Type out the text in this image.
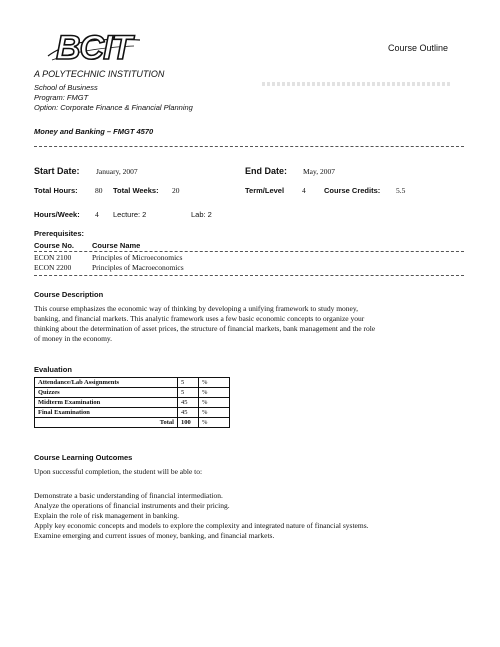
BCIT
A POLYTECHNIC INSTITUTION
Course Outline
School of Business
Program: FMGT
Option: Corporate Finance & Financial Planning
Money and Banking – FMGT 4570
Start Date: January, 2007	End Date: May, 2007
Total Hours: 80 Total Weeks: 20	Term/Level 4 Course Credits: 5.5
Hours/Week: 4 Lecture: 2	Lab: 2
Prerequisites:
Course No. Course Name
ECON 2100	Principles of Microeconomics
ECON 2200	Principles of Macroeconomics
Course Description
This course emphasizes the economic way of thinking by developing a unifying framework to study money,
banking, and financial markets. This analytic framework uses a few basic economic concepts to organize your
thinking about the determination of asset prices, the structure of financial markets, bank management and the role
of money in the economy.
Evaluation
Attendance/Lab Assignments	5	%
Quizzes	5	%
Midterm Examination	45	%
Final Examination	45	%
Total	100	%
Course Learning Outcomes
Upon successful completion, the student will be able to:
Demonstrate a basic understanding of financial intermediation.
Analyze the operations of financial instruments and their pricing.
Explain the role of risk management in banking.
Apply key economic concepts and models to explore the complexity and integrated nature of financial systems.
Examine emerging and current issues of money, banking, and financial markets.
